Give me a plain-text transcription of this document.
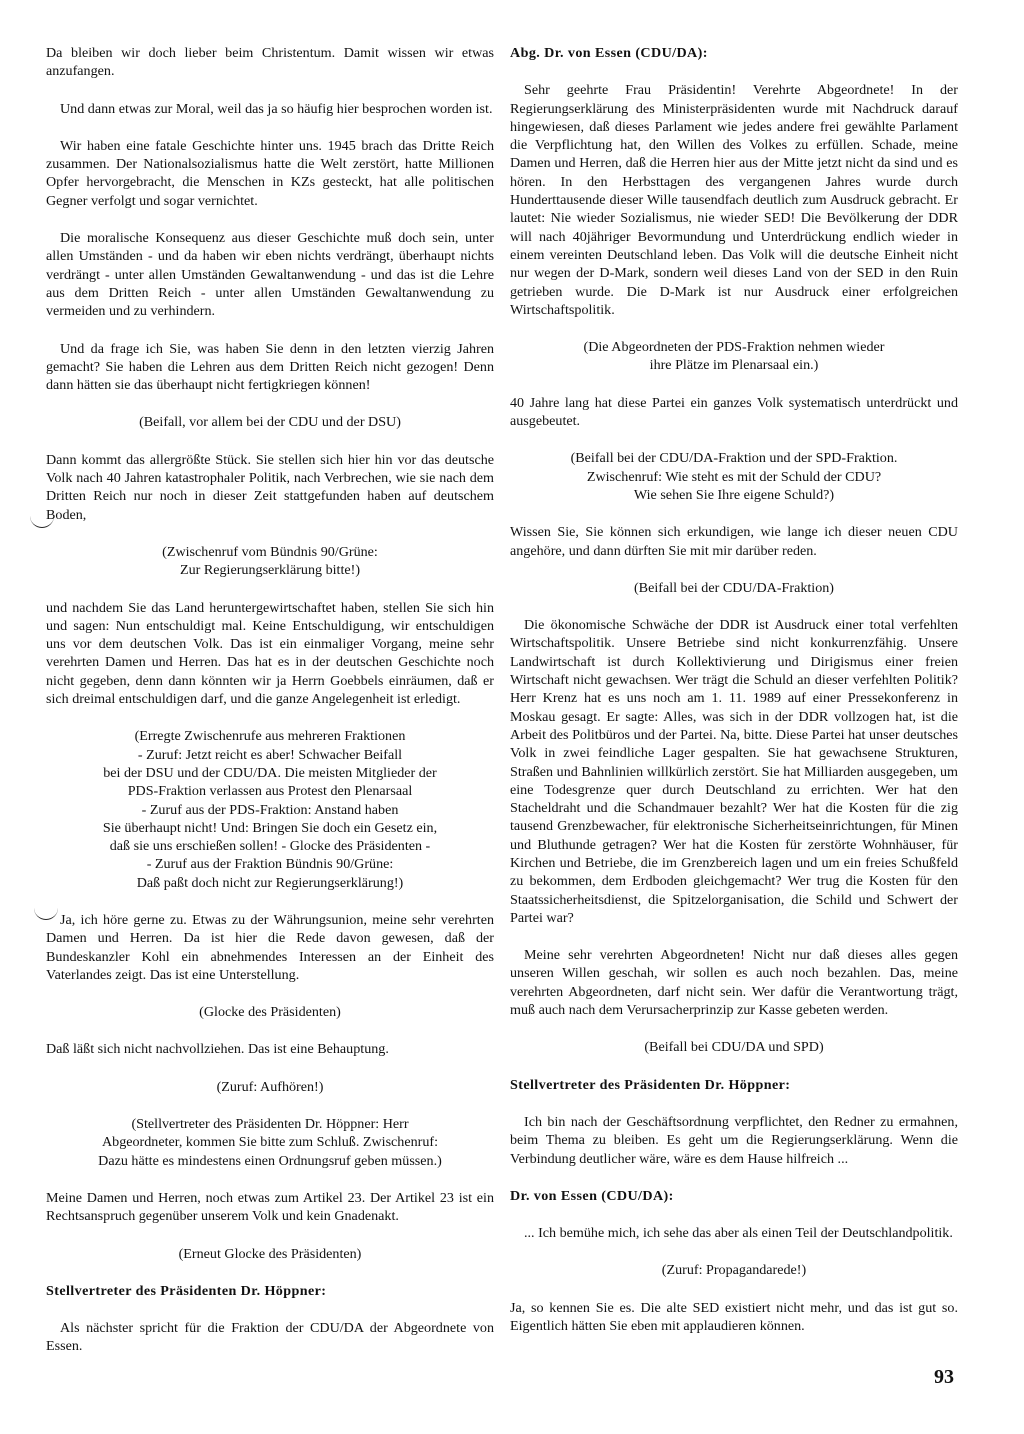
Da bleiben wir doch lieber beim Christentum. Damit wissen wir etwas anzufangen.
Und dann etwas zur Moral, weil das ja so häufig hier besprochen worden ist.
Wir haben eine fatale Geschichte hinter uns. 1945 brach das Dritte Reich zusammen. Der Nationalsozialismus hatte die Welt zerstört, hatte Millionen Opfer hervorgebracht, die Menschen in KZs gesteckt, hat alle politischen Gegner verfolgt und sogar vernichtet.
Die moralische Konsequenz aus dieser Geschichte muß doch sein, unter allen Umständen - und da haben wir eben nichts verdrängt, überhaupt nichts verdrängt - unter allen Umständen Gewaltanwendung - und das ist die Lehre aus dem Dritten Reich - unter allen Umständen Gewaltanwendung zu vermeiden und zu verhindern.
Und da frage ich Sie, was haben Sie denn in den letzten vierzig Jahren gemacht? Sie haben die Lehren aus dem Dritten Reich nicht gezogen! Denn dann hätten sie das überhaupt nicht fertigkriegen können!
(Beifall, vor allem bei der CDU und der DSU)
Dann kommt das allergrößte Stück. Sie stellen sich hier hin vor das deutsche Volk nach 40 Jahren katastrophaler Politik, nach Verbrechen, wie sie nach dem Dritten Reich nur noch in dieser Zeit stattgefunden haben auf deutschem Boden,
(Zwischenruf vom Bündnis 90/Grüne:
Zur Regierungserklärung bitte!)
und nachdem Sie das Land heruntergewirtschaftet haben, stellen Sie sich hin und sagen: Nun entschuldigt mal. Keine Entschuldigung, wir entschuldigen uns vor dem deutschen Volk. Das ist ein einmaliger Vorgang, meine sehr verehrten Damen und Herren. Das hat es in der deutschen Geschichte noch nicht gegeben, denn dann könnten wir ja Herrn Goebbels einräumen, daß er sich dreimal entschuldigen darf, und die ganze Angelegenheit ist erledigt.
(Erregte Zwischenrufe aus mehreren Fraktionen
- Zuruf: Jetzt reicht es aber! Schwacher Beifall
bei der DSU und der CDU/DA. Die meisten Mitglieder der
PDS-Fraktion verlassen aus Protest den Plenarsaal
- Zuruf aus der PDS-Fraktion: Anstand haben
Sie überhaupt nicht! Und: Bringen Sie doch ein Gesetz ein,
daß sie uns erschießen sollen! - Glocke des Präsidenten -
- Zuruf aus der Fraktion Bündnis 90/Grüne:
Daß paßt doch nicht zur Regierungserklärung!)
Ja, ich höre gerne zu. Etwas zu der Währungsunion, meine sehr verehrten Damen und Herren. Da ist hier die Rede davon gewesen, daß der Bundeskanzler Kohl ein abnehmendes Interessen an der Einheit des Vaterlandes zeigt. Das ist eine Unterstellung.
(Glocke des Präsidenten)
Daß läßt sich nicht nachvollziehen. Das ist eine Behauptung.
(Zuruf: Aufhören!)
(Stellvertreter des Präsidenten Dr. Höppner: Herr
Abgeordneter, kommen Sie bitte zum Schluß. Zwischenruf:
Dazu hätte es mindestens einen Ordnungsruf geben müssen.)
Meine Damen und Herren, noch etwas zum Artikel 23. Der Artikel 23 ist ein Rechtsanspruch gegenüber unserem Volk und kein Gnadenakt.
(Erneut Glocke des Präsidenten)
Stellvertreter des Präsidenten Dr. Höppner:
Als nächster spricht für die Fraktion der CDU/DA der Abgeordnete von Essen.
Abg. Dr. von Essen (CDU/DA):
Sehr geehrte Frau Präsidentin! Verehrte Abgeordnete! In der Regierungserklärung des Ministerpräsidenten wurde mit Nachdruck darauf hingewiesen, daß dieses Parlament wie jedes andere frei gewählte Parlament die Verpflichtung hat, den Willen des Volkes zu erfüllen. Schade, meine Damen und Herren, daß die Herren hier aus der Mitte jetzt nicht da sind und es hören. In den Herbsttagen des vergangenen Jahres wurde durch Hunderttausende dieser Wille tausendfach deutlich zum Ausdruck gebracht. Er lautet: Nie wieder Sozialismus, nie wieder SED! Die Bevölkerung der DDR will nach 40jähriger Bevormundung und Unterdrückung endlich wieder in einem vereinten Deutschland leben. Das Volk will die deutsche Einheit nicht nur wegen der D-Mark, sondern weil dieses Land von der SED in den Ruin getrieben wurde. Die D-Mark ist nur Ausdruck einer erfolgreichen Wirtschaftspolitik.
(Die Abgeordneten der PDS-Fraktion nehmen wieder
ihre Plätze im Plenarsaal ein.)
40 Jahre lang hat diese Partei ein ganzes Volk systematisch unterdrückt und ausgebeutet.
(Beifall bei der CDU/DA-Fraktion und der SPD-Fraktion.
Zwischenruf: Wie steht es mit der Schuld der CDU?
Wie sehen Sie Ihre eigene Schuld?)
Wissen Sie, Sie können sich erkundigen, wie lange ich dieser neuen CDU angehöre, und dann dürften Sie mit mir darüber reden.
(Beifall bei der CDU/DA-Fraktion)
Die ökonomische Schwäche der DDR ist Ausdruck einer total verfehlten Wirtschaftspolitik. Unsere Betriebe sind nicht konkurrenzfähig. Unsere Landwirtschaft ist durch Kollektivierung und Dirigismus einer freien Wirtschaft nicht gewachsen. Wer trägt die Schuld an dieser verfehlten Politik? Herr Krenz hat es uns noch am 1. 11. 1989 auf einer Pressekonferenz in Moskau gesagt. Er sagte: Alles, was sich in der DDR vollzogen hat, ist die Arbeit des Politbüros und der Partei. Na, bitte. Diese Partei hat unser deutsches Volk in zwei feindliche Lager gespalten. Sie hat gewachsene Strukturen, Straßen und Bahnlinien willkürlich zerstört. Sie hat Milliarden ausgegeben, um eine Todesgrenze quer durch Deutschland zu errichten. Wer hat den Stacheldraht und die Schandmauer bezahlt? Wer hat die Kosten für die zig tausend Grenzbewacher, für elektronische Sicherheitseinrichtungen, für Minen und Bluthunde getragen? Wer hat die Kosten für zerstörte Wohnhäuser, für Kirchen und Betriebe, die im Grenzbereich lagen und um ein freies Schußfeld zu bekommen, dem Erdboden gleichgemacht? Wer trug die Kosten für den Staatssicherheitsdienst, die Spitzelorganisation, die Schild und Schwert der Partei war?
Meine sehr verehrten Abgeordneten! Nicht nur daß dieses alles gegen unseren Willen geschah, wir sollen es auch noch bezahlen. Das, meine verehrten Abgeordneten, darf nicht sein. Wer dafür die Verantwortung trägt, muß auch nach dem Verursacherprinzip zur Kasse gebeten werden.
(Beifall bei CDU/DA und SPD)
Stellvertreter des Präsidenten Dr. Höppner:
Ich bin nach der Geschäftsordnung verpflichtet, den Redner zu ermahnen, beim Thema zu bleiben. Es geht um die Regierungserklärung. Wenn die Verbindung deutlicher wäre, wäre es dem Hause hilfreich ...
Dr. von Essen (CDU/DA):
... Ich bemühe mich, ich sehe das aber als einen Teil der Deutschlandpolitik.
(Zuruf: Propagandarede!)
Ja, so kennen Sie es. Die alte SED existiert nicht mehr, und das ist gut so. Eigentlich hätten Sie eben mit applaudieren können.
93
